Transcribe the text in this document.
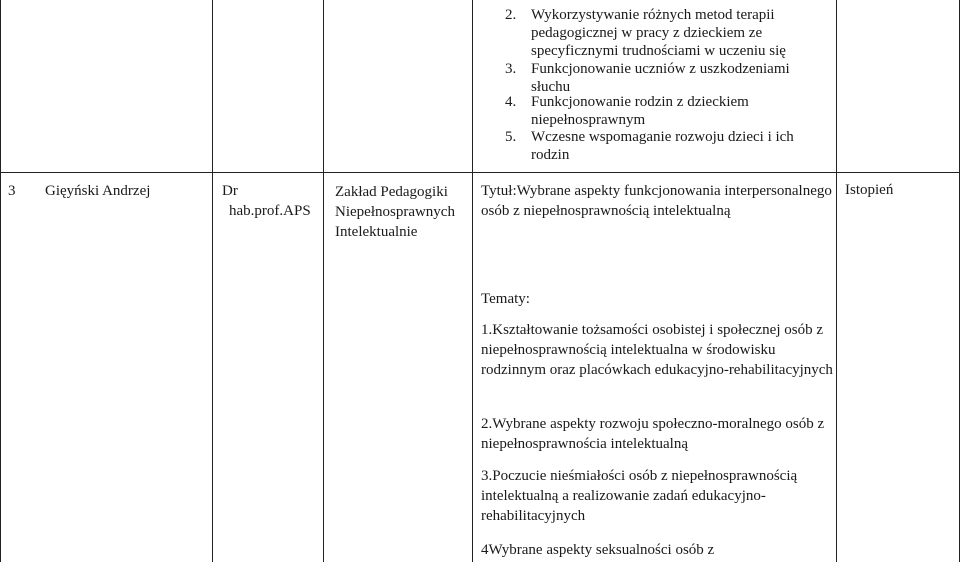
2. Wykorzystywanie różnych metod terapii pedagogicznej w pracy z dzieckiem ze specyficznymi trudnościami w uczeniu się
3. Funkcjonowanie uczniów z uszkodzeniami słuchu
4. Funkcjonowanie rodzin z dzieckiem niepełnosprawnym
5. Wczesne wspomaganie rozwoju dzieci i ich rodzin
3 Gięyński Andrzej	Dr
hab.prof.APS
Zakład Pedagogiki Niepełnosprawnych Intelektualnie
Tytuł:Wybrane aspekty funkcjonowania interpersonalnego osób z niepełnosprawnością intelektualną
Tematy:
1.Kształtowanie tożsamości osobistej i społecznej osób z niepełnosprawnością intelektualna w środowisku rodzinnym oraz placówkach edukacyjno-rehabilitacyjnych
2.Wybrane aspekty rozwoju społeczno-moralnego osób z niepełnosprawnościa intelektualną
3.Poczucie nieśmiałości osób z niepełnosprawnością intelektualną a realizowanie zadań edukacyjno-rehabilitacyjnych
4Wybrane aspekty seksualności osób z
Istopień
